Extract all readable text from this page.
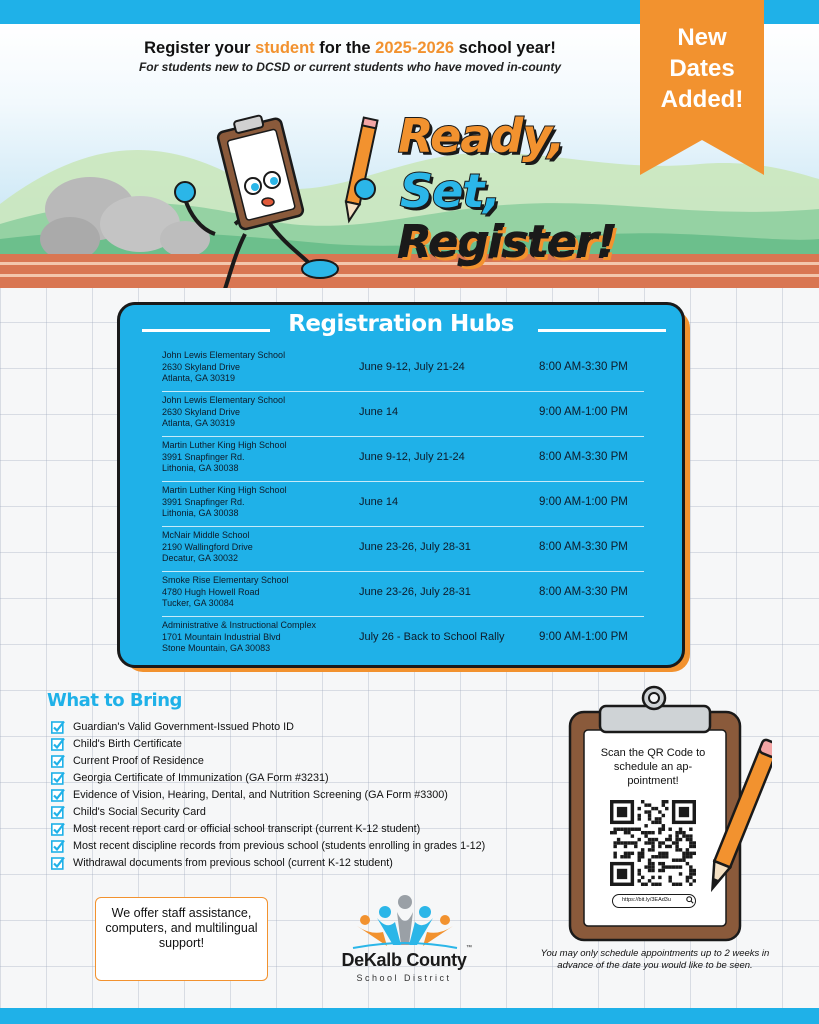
Register your student for the 2025-2026 school year!
For students new to DCSD or current students who have moved in-county
Ready,
Set,
Register!
New
Dates
Added!
Registration Hubs
John Lewis Elementary School
2630 Skyland Drive
Atlanta, GA 30319
June 9-12, July 21-24	8:00 AM-3:30 PM
John Lewis Elementary School
2630 Skyland Drive
Atlanta, GA 30319
June 14	9:00 AM-1:00 PM
Martin Luther King High School
3991 Snapfinger Rd.
Lithonia, GA 30038
June 9-12, July 21-24	8:00 AM-3:30 PM
Martin Luther King High School
3991 Snapfinger Rd.
Lithonia, GA 30038
June 14	9:00 AM-1:00 PM
McNair Middle School
2190 Wallingford Drive
Decatur, GA 30032
June 23-26, July 28-31	8:00 AM-3:30 PM
Smoke Rise Elementary School
4780 Hugh Howell Road
Tucker, GA 30084
June 23-26, July 28-31	8:00 AM-3:30 PM
Administrative & Instructional Complex
1701 Mountain Industrial Blvd
Stone Mountain, GA 30083
July 26 - Back to School Rally	9:00 AM-1:00 PM
What to Bring
Guardian's Valid Government-Issued Photo ID
Child's Birth Certificate
Current Proof of Residence
Georgia Certificate of Immunization (GA Form #3231)
Evidence of Vision, Hearing, Dental, and Nutrition Screening (GA Form #3300)
Child's Social Security Card
Most recent report card or official school transcript (current K-12 student)
Most recent discipline records from previous school (students enrolling in grades 1-12)
Withdrawal documents from previous school (current K-12 student)
We offer staff assistance, computers, and multilingual support!
DeKalb County
™
School District
Scan the QR Code to schedule an ap-pointment!
https://bit.ly/3EAd3u
You may only schedule appointments up to 2 weeks in advance of the date you would like to be seen.
